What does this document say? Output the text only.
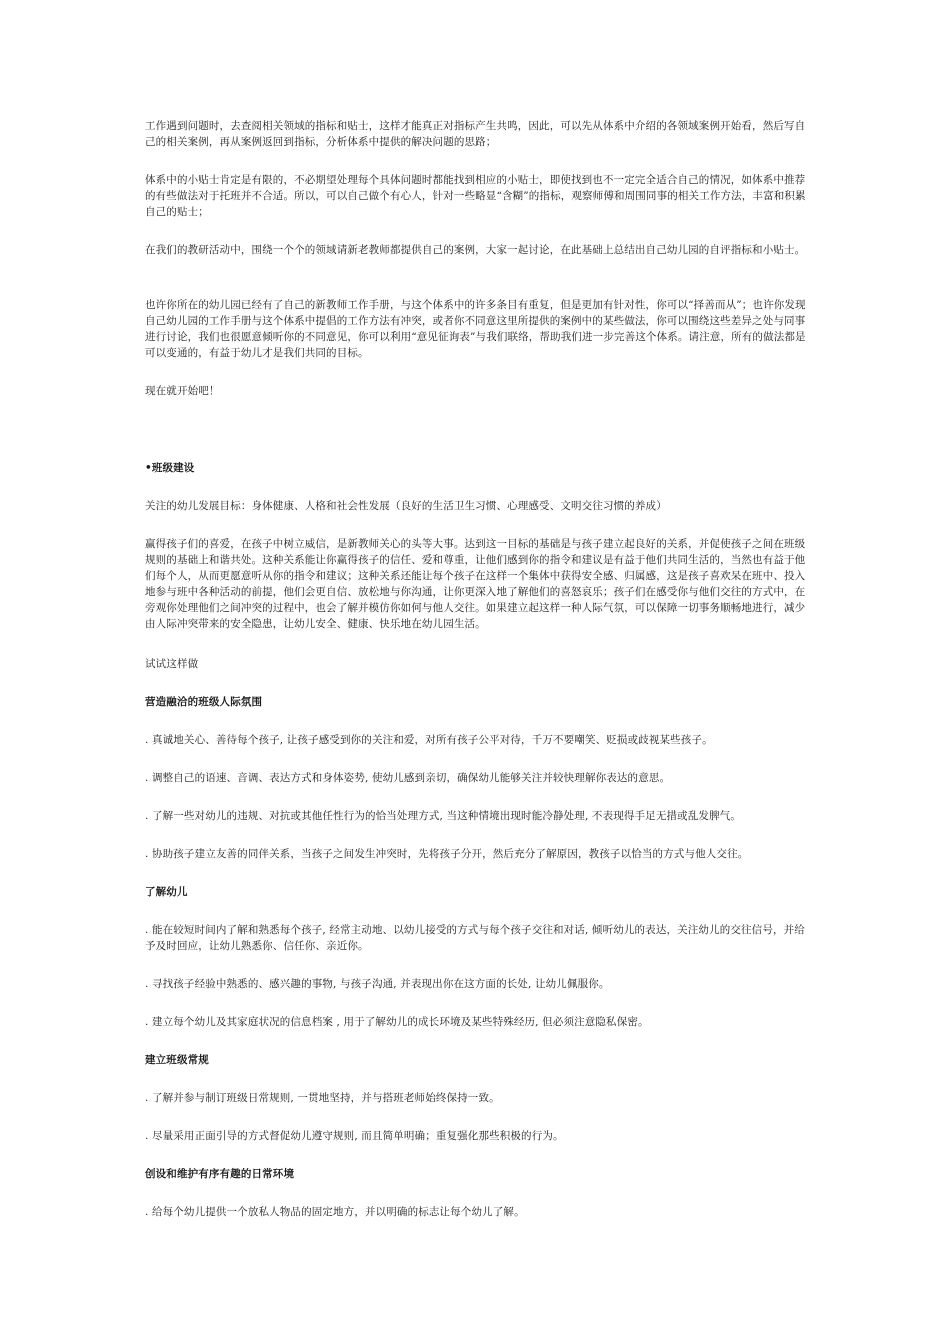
工作遇到问题时，去查阅相关领域的指标和贴士，这样才能真正对指标产生共鸣，因此，可以先从体系中介绍的各领域案例开始看，然后写自己的相关案例，再从案例返回到指标，分析体系中提供的解决问题的思路；

体系中的小贴士肯定是有限的，不必期望处理每个具体问题时都能找到相应的小贴士，即使找到也不一定完全适合自己的情况，如体系中推荐的有些做法对于托班并不合适。所以，可以自己做个有心人，针对一些略显“含糊”的指标，观察师傅和周围同事的相关工作方法，丰富和积累自己的贴士；

在我们的教研活动中，围绕一个个的领域请新老教师都提供自己的案例，大家一起讨论，在此基础上总结出自己幼儿园的自评指标和小贴士。

也许你所在的幼儿园已经有了自己的新教师工作手册，与这个体系中的许多条目有重复，但是更加有针对性，你可以“择善而从”；也许你发现自己幼儿园的工作手册与这个体系中提倡的工作方法有冲突，或者你不同意这里所提供的案例中的某些做法，你可以围绕这些差异之处与同事进行讨论，我们也很愿意倾听你的不同意见，你可以利用“意见征询表”与我们联络，帮助我们进一步完善这个体系。请注意，所有的做法都是可以变通的，有益于幼儿才是我们共同的目标。

现在就开始吧！

•班级建设

关注的幼儿发展目标：身体健康、人格和社会性发展（良好的生活卫生习惯、心理感受、文明交往习惯的养成）

赢得孩子们的喜爱，在孩子中树立威信，是新教师关心的头等大事。达到这一目标的基础是与孩子建立起良好的关系，并促使孩子之间在班级规则的基础上和谐共处。这种关系能让你赢得孩子的信任、爱和尊重，让他们感到你的指令和建议是有益于他们共同生活的，当然也有益于他们每个人，从而更愿意听从你的指令和建议；这种关系还能让每个孩子在这样一个集体中获得安全感、归属感，这是孩子喜欢呆在班中、投入地参与班中各种活动的前提，他们会更自信、放松地与你沟通，让你更深入地了解他们的喜怒哀乐；孩子们在感受你与他们交往的方式中，在旁观你处理他们之间冲突的过程中，也会了解并模仿你如何与他人交往。如果建立起这样一种人际气氛，可以保障一切事务顺畅地进行，减少由人际冲突带来的安全隐患，让幼儿安全、健康、快乐地在幼儿园生活。

试试这样做

营造融洽的班级人际氛围

. 真诚地关心、善待每个孩子, 让孩子感受到你的关注和爱，对所有孩子公平对待，千万不要嘲笑、贬损或歧视某些孩子。

. 调整自己的语速、音调、表达方式和身体姿势, 使幼儿感到亲切，确保幼儿能够关注并较快理解你表达的意思。

. 了解一些对幼儿的违规、对抗或其他任性行为的恰当处理方式, 当这种情境出现时能冷静处理, 不表现得手足无措或乱发脾气。

. 协助孩子建立友善的同伴关系，当孩子之间发生冲突时，先将孩子分开，然后充分了解原因，教孩子以恰当的方式与他人交往。

了解幼儿

. 能在较短时间内了解和熟悉每个孩子, 经常主动地、以幼儿接受的方式与每个孩子交往和对话, 倾听幼儿的表达，关注幼儿的交往信号，并给予及时回应，让幼儿熟悉你、信任你、亲近你。

. 寻找孩子经验中熟悉的、感兴趣的事物, 与孩子沟通, 并表现出你在这方面的长处, 让幼儿佩服你。

. 建立每个幼儿及其家庭状况的信息档案 , 用于了解幼儿的成长环境及某些特殊经历, 但必须注意隐私保密。

建立班级常规

. 了解并参与制订班级日常规则, 一贯地坚持，并与搭班老师始终保持一致。

. 尽量采用正面引导的方式督促幼儿遵守规则, 而且简单明确；重复强化那些积极的行为。

创设和维护有序有趣的日常环境

. 给每个幼儿提供一个放私人物品的固定地方，并以明确的标志让每个幼儿了解。
